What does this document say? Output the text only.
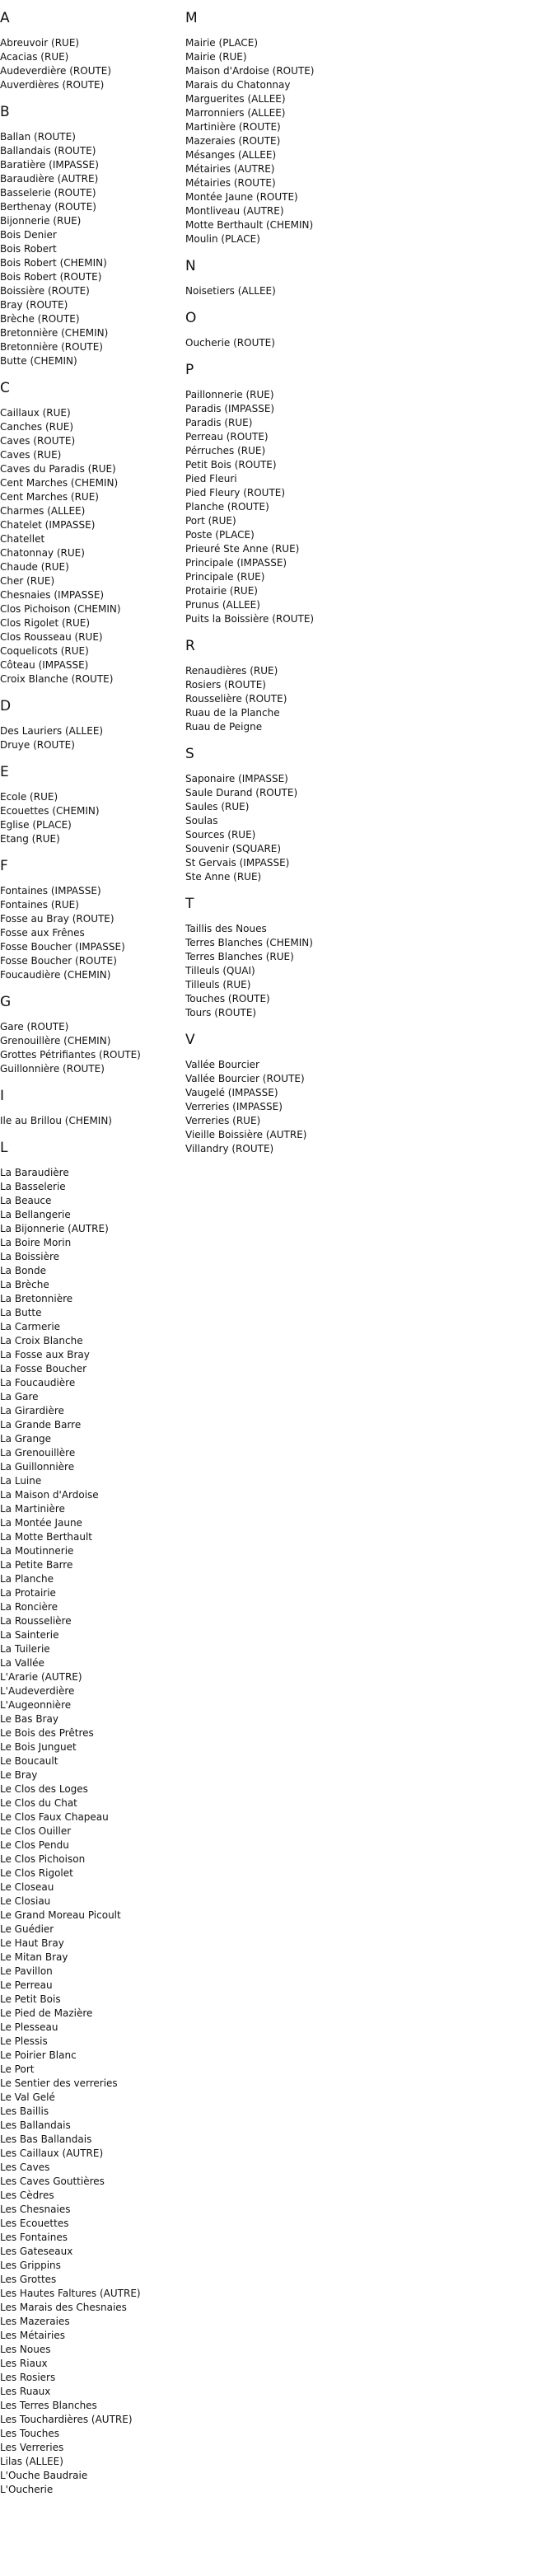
A
Abreuvoir (RUE)
Acacias (RUE)
Audeverdière (ROUTE)
Auverdières (ROUTE)
B
Ballan (ROUTE)
Ballandais (ROUTE)
Baratière (IMPASSE)
Baraudière (AUTRE)
Basselerie (ROUTE)
Berthenay (ROUTE)
Bijonnerie (RUE)
Bois Denier
Bois Robert
Bois Robert (CHEMIN)
Bois Robert (ROUTE)
Boissière (ROUTE)
Bray (ROUTE)
Brèche (ROUTE)
Bretonnière (CHEMIN)
Bretonnière (ROUTE)
Butte (CHEMIN)
C
Caillaux (RUE)
Canches (RUE)
Caves (ROUTE)
Caves (RUE)
Caves du Paradis (RUE)
Cent Marches (CHEMIN)
Cent Marches (RUE)
Charmes (ALLEE)
Chatelet (IMPASSE)
Chatellet
Chatonnay (RUE)
Chaude (RUE)
Cher (RUE)
Chesnaies (IMPASSE)
Clos Pichoison (CHEMIN)
Clos Rigolet (RUE)
Clos Rousseau (RUE)
Coquelicots (RUE)
Côteau (IMPASSE)
Croix Blanche (ROUTE)
D
Des Lauriers (ALLEE)
Druye (ROUTE)
E
Ecole (RUE)
Ecouettes (CHEMIN)
Eglise (PLACE)
Etang (RUE)
F
Fontaines (IMPASSE)
Fontaines (RUE)
Fosse au Bray (ROUTE)
Fosse aux Frênes
Fosse Boucher (IMPASSE)
Fosse Boucher (ROUTE)
Foucaudière (CHEMIN)
G
Gare (ROUTE)
Grenouillère (CHEMIN)
Grottes Pétrifiantes (ROUTE)
Guillonnière (ROUTE)
I
Ile au Brillou (CHEMIN)
L
La Baraudière
La Basselerie
La Beauce
La Bellangerie
La Bijonnerie (AUTRE)
La Boire Morin
La Boissière
La Bonde
La Brèche
La Bretonnière
La Butte
La Carmerie
La Croix Blanche
La Fosse aux Bray
La Fosse Boucher
La Foucaudière
La Gare
La Girardière
La Grande Barre
La Grange
La Grenouillère
La Guillonnière
La Luine
La Maison d'Ardoise
La Martinière
La Montée Jaune
La Motte Berthault
La Moutinnerie
La Petite Barre
La Planche
La Protairie
La Roncière
La Rousselière
La Sainterie
La Tuilerie
La Vallée
L'Ararie (AUTRE)
L'Audeverdière
L'Augeonnière
Le Bas Bray
Le Bois des Prêtres
Le Bois Junguet
Le Boucault
Le Bray
Le Clos des Loges
Le Clos du Chat
Le Clos Faux Chapeau
Le Clos Ouiller
Le Clos Pendu
Le Clos Pichoison
Le Clos Rigolet
Le Closeau
Le Closiau
Le Grand Moreau Picoult
Le Guédier
Le Haut Bray
Le Mitan Bray
Le Pavillon
Le Perreau
Le Petit Bois
Le Pied de Mazière
Le Plesseau
Le Plessis
Le Poirier Blanc
Le Port
Le Sentier des verreries
Le Val Gelé
Les Baillis
Les Ballandais
Les Bas Ballandais
Les Caillaux (AUTRE)
Les Caves
Les Caves Gouttières
Les Cèdres
Les Chesnaies
Les Ecouettes
Les Fontaines
Les Gateseaux
Les Grippins
Les Grottes
Les Hautes Faltures (AUTRE)
Les Marais des Chesnaies
Les Mazeraies
Les Métairies
Les Noues
Les Riaux
Les Rosiers
Les Ruaux
Les Terres Blanches
Les Touchardières (AUTRE)
Les Touches
Les Verreries
Lilas (ALLEE)
L'Ouche Baudraie
L'Oucherie
M
Mairie (PLACE)
Mairie (RUE)
Maison d'Ardoise (ROUTE)
Marais du Chatonnay
Marguerites (ALLEE)
Marronniers (ALLEE)
Martinière (ROUTE)
Mazeraies (ROUTE)
Mésanges (ALLEE)
Métairies (AUTRE)
Métairies (ROUTE)
Montée Jaune (ROUTE)
Montliveau (AUTRE)
Motte Berthault (CHEMIN)
Moulin (PLACE)
N
Noisetiers (ALLEE)
O
Oucherie (ROUTE)
P
Paillonnerie (RUE)
Paradis (IMPASSE)
Paradis (RUE)
Perreau (ROUTE)
Pérruches (RUE)
Petit Bois (ROUTE)
Pied Fleuri
Pied Fleury (ROUTE)
Planche (ROUTE)
Port (RUE)
Poste (PLACE)
Prieuré Ste Anne (RUE)
Principale (IMPASSE)
Principale (RUE)
Protairie (RUE)
Prunus (ALLEE)
Puits la Boissière (ROUTE)
R
Renaudières (RUE)
Rosiers (ROUTE)
Rousselière (ROUTE)
Ruau de la Planche
Ruau de Peigne
S
Saponaire (IMPASSE)
Saule Durand (ROUTE)
Saules (RUE)
Soulas
Sources (RUE)
Souvenir (SQUARE)
St Gervais (IMPASSE)
Ste Anne (RUE)
T
Taillis des Noues
Terres Blanches (CHEMIN)
Terres Blanches (RUE)
Tilleuls (QUAI)
Tilleuls (RUE)
Touches (ROUTE)
Tours (ROUTE)
V
Vallée Bourcier
Vallée Bourcier (ROUTE)
Vaugelé (IMPASSE)
Verreries (IMPASSE)
Verreries (RUE)
Vieille Boissière (AUTRE)
Villandry (ROUTE)
